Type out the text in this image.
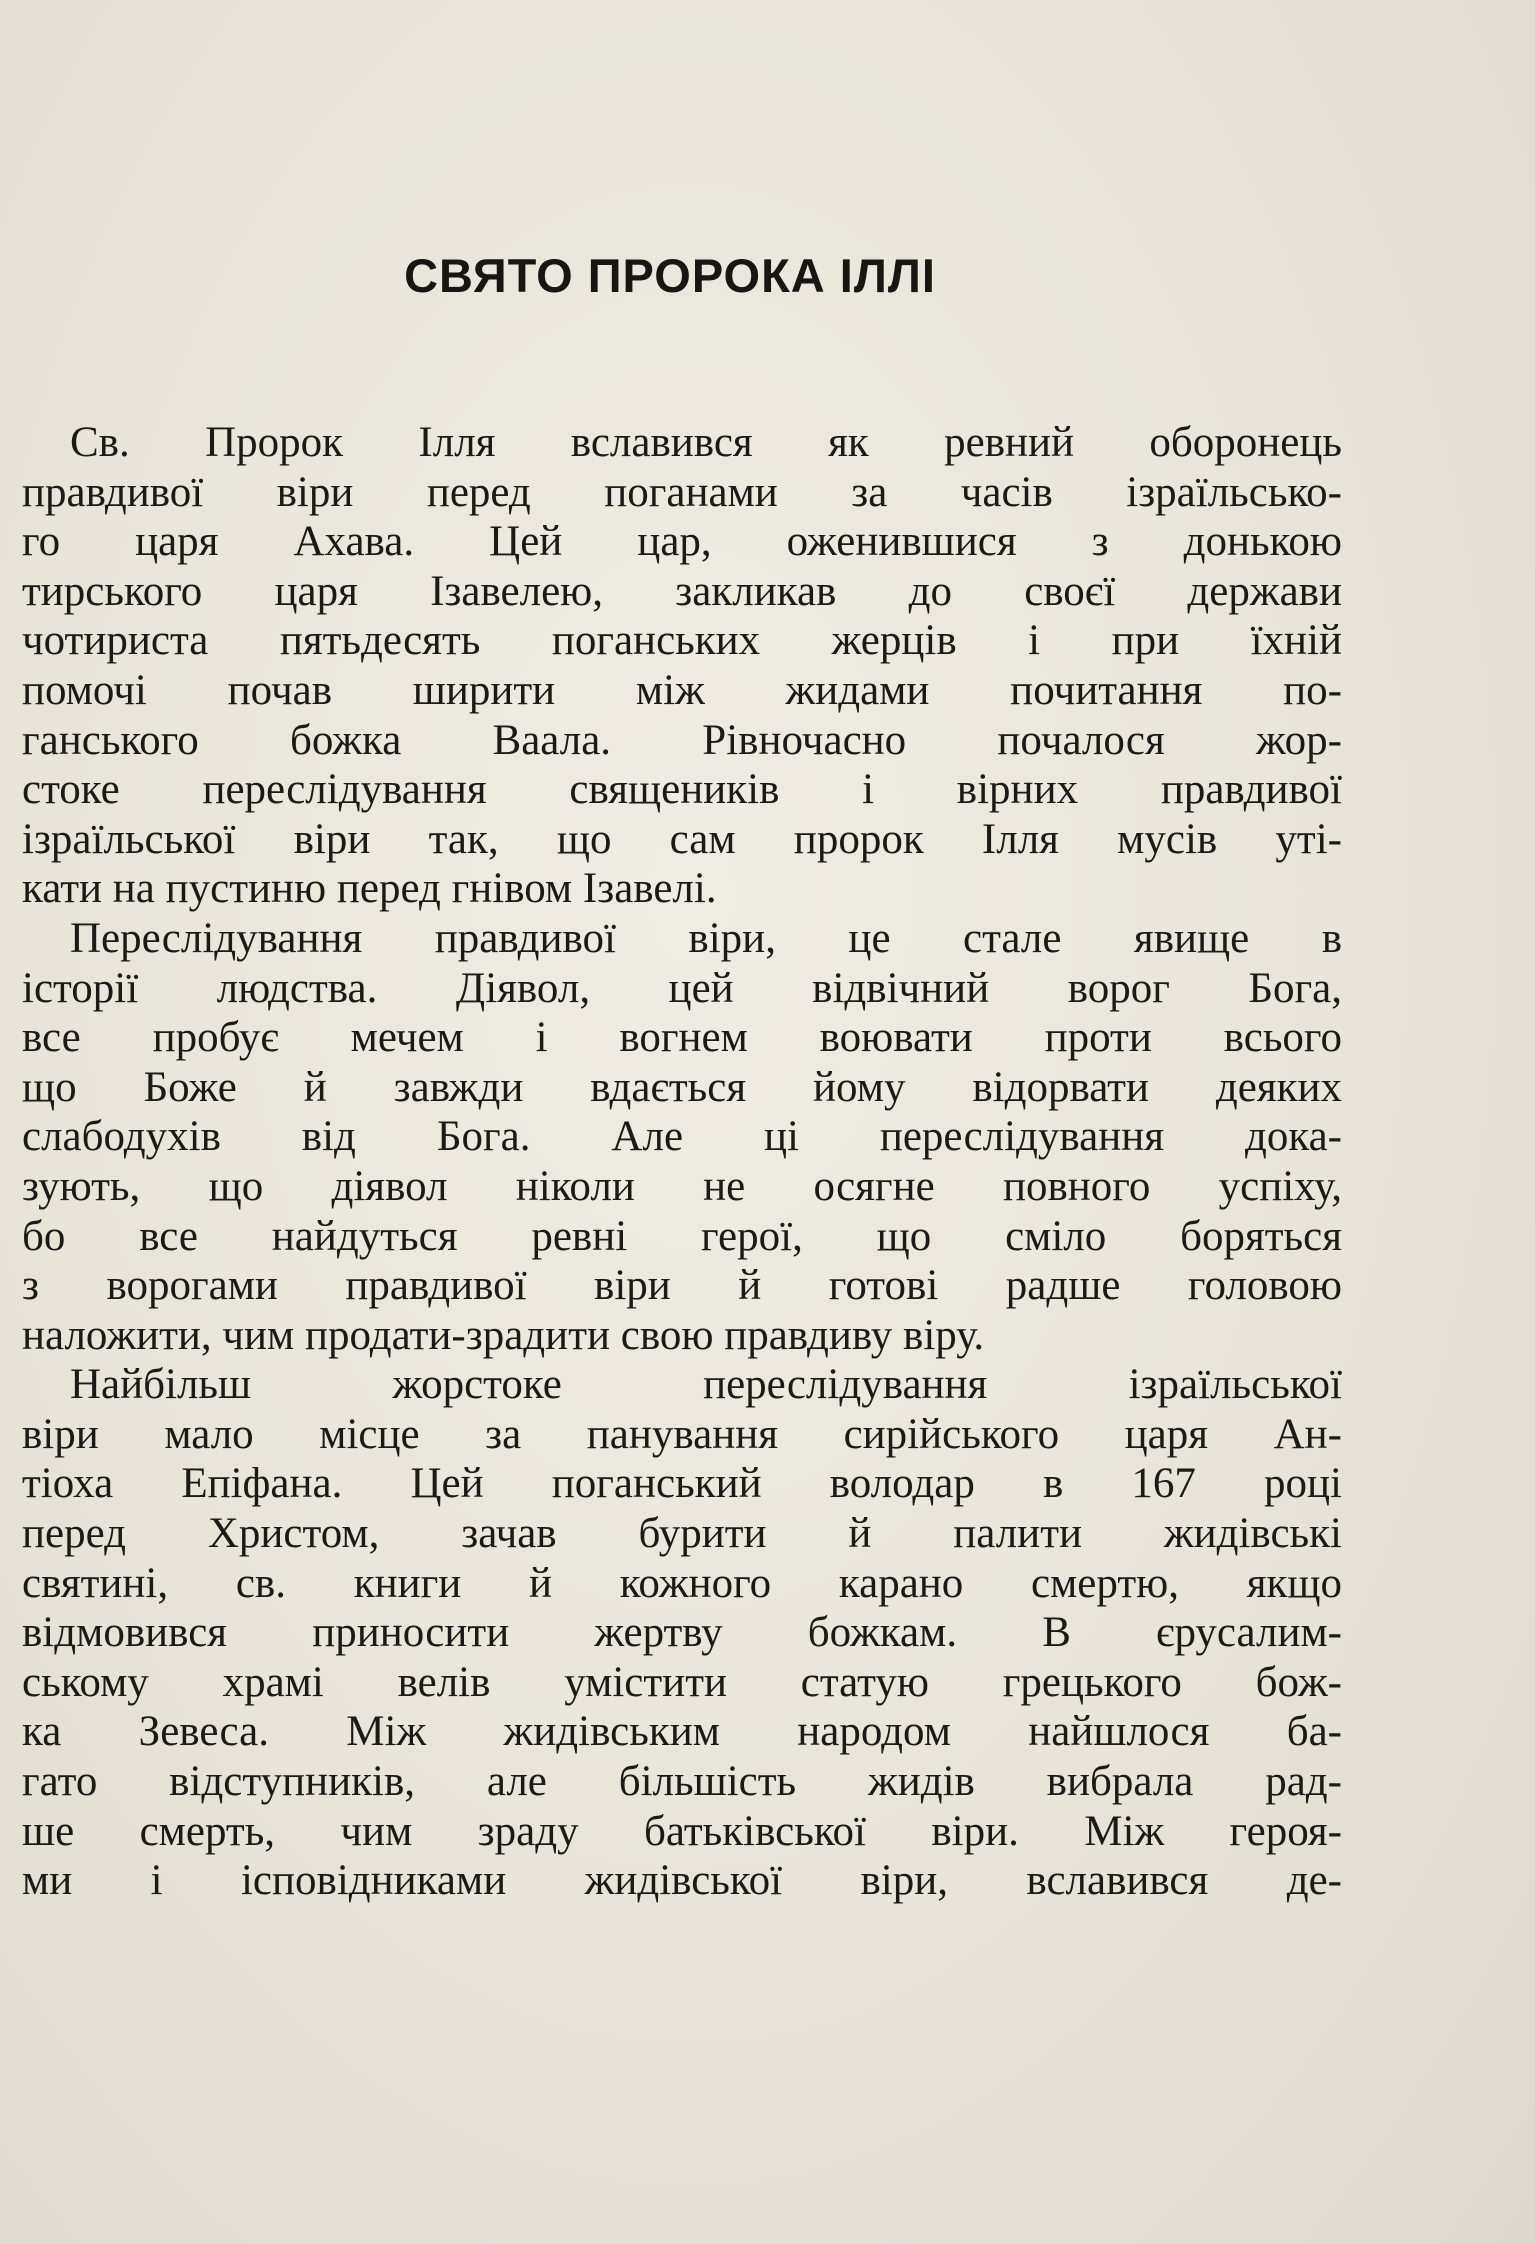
СВЯТО ПРОРОКА ІЛЛІ
Св. Пророк Ілля вславився як ревний оборонець
правдивої віри перед поганами за часів ізраїльсько-
го царя Ахава. Цей цар, оженившися з донькою
тирського царя Ізавелею, закликав до своєї держави
чотириста пятьдесять поганських жерців і при їхній
помочі почав ширити між жидами почитання по-
ганського божка Ваала. Рівночасно почалося жор-
стоке переслідування священиків і вірних правдивої
ізраїльської віри так, що сам пророк Ілля мусів уті-
кати на пустиню перед гнівом Ізавелі.
Переслідування правдивої віри, це стале явище в
історії людства. Діявол, цей відвічний ворог Бога,
все пробує мечем і вогнем воювати проти всього
що Боже й завжди вдається йому відорвати деяких
слабодухів від Бога. Але ці переслідування дока-
зують, що діявол ніколи не осягне повного успіху,
бо все найдуться ревні герої, що сміло боряться
з ворогами правдивої віри й готові радше головою
наложити, чим продати-зрадити свою правдиву віру.
Найбільш жорстоке переслідування ізраїльської
віри мало місце за панування сирійського царя Ан-
тіоха Епіфана. Цей поганський володар в 167 році
перед Христом, зачав бурити й палити жидівські
святині, св. книги й кожного карано смертю, якщо
відмовився приносити жертву божкам. В єрусалим-
ському храмі велів умістити статую грецького бож-
ка Зевеса. Між жидівським народом найшлося ба-
гато відступників, але більшість жидів вибрала рад-
ше смерть, чим зраду батьківської віри. Між героя-
ми і ісповідниками жидівської віри, вславився де-
